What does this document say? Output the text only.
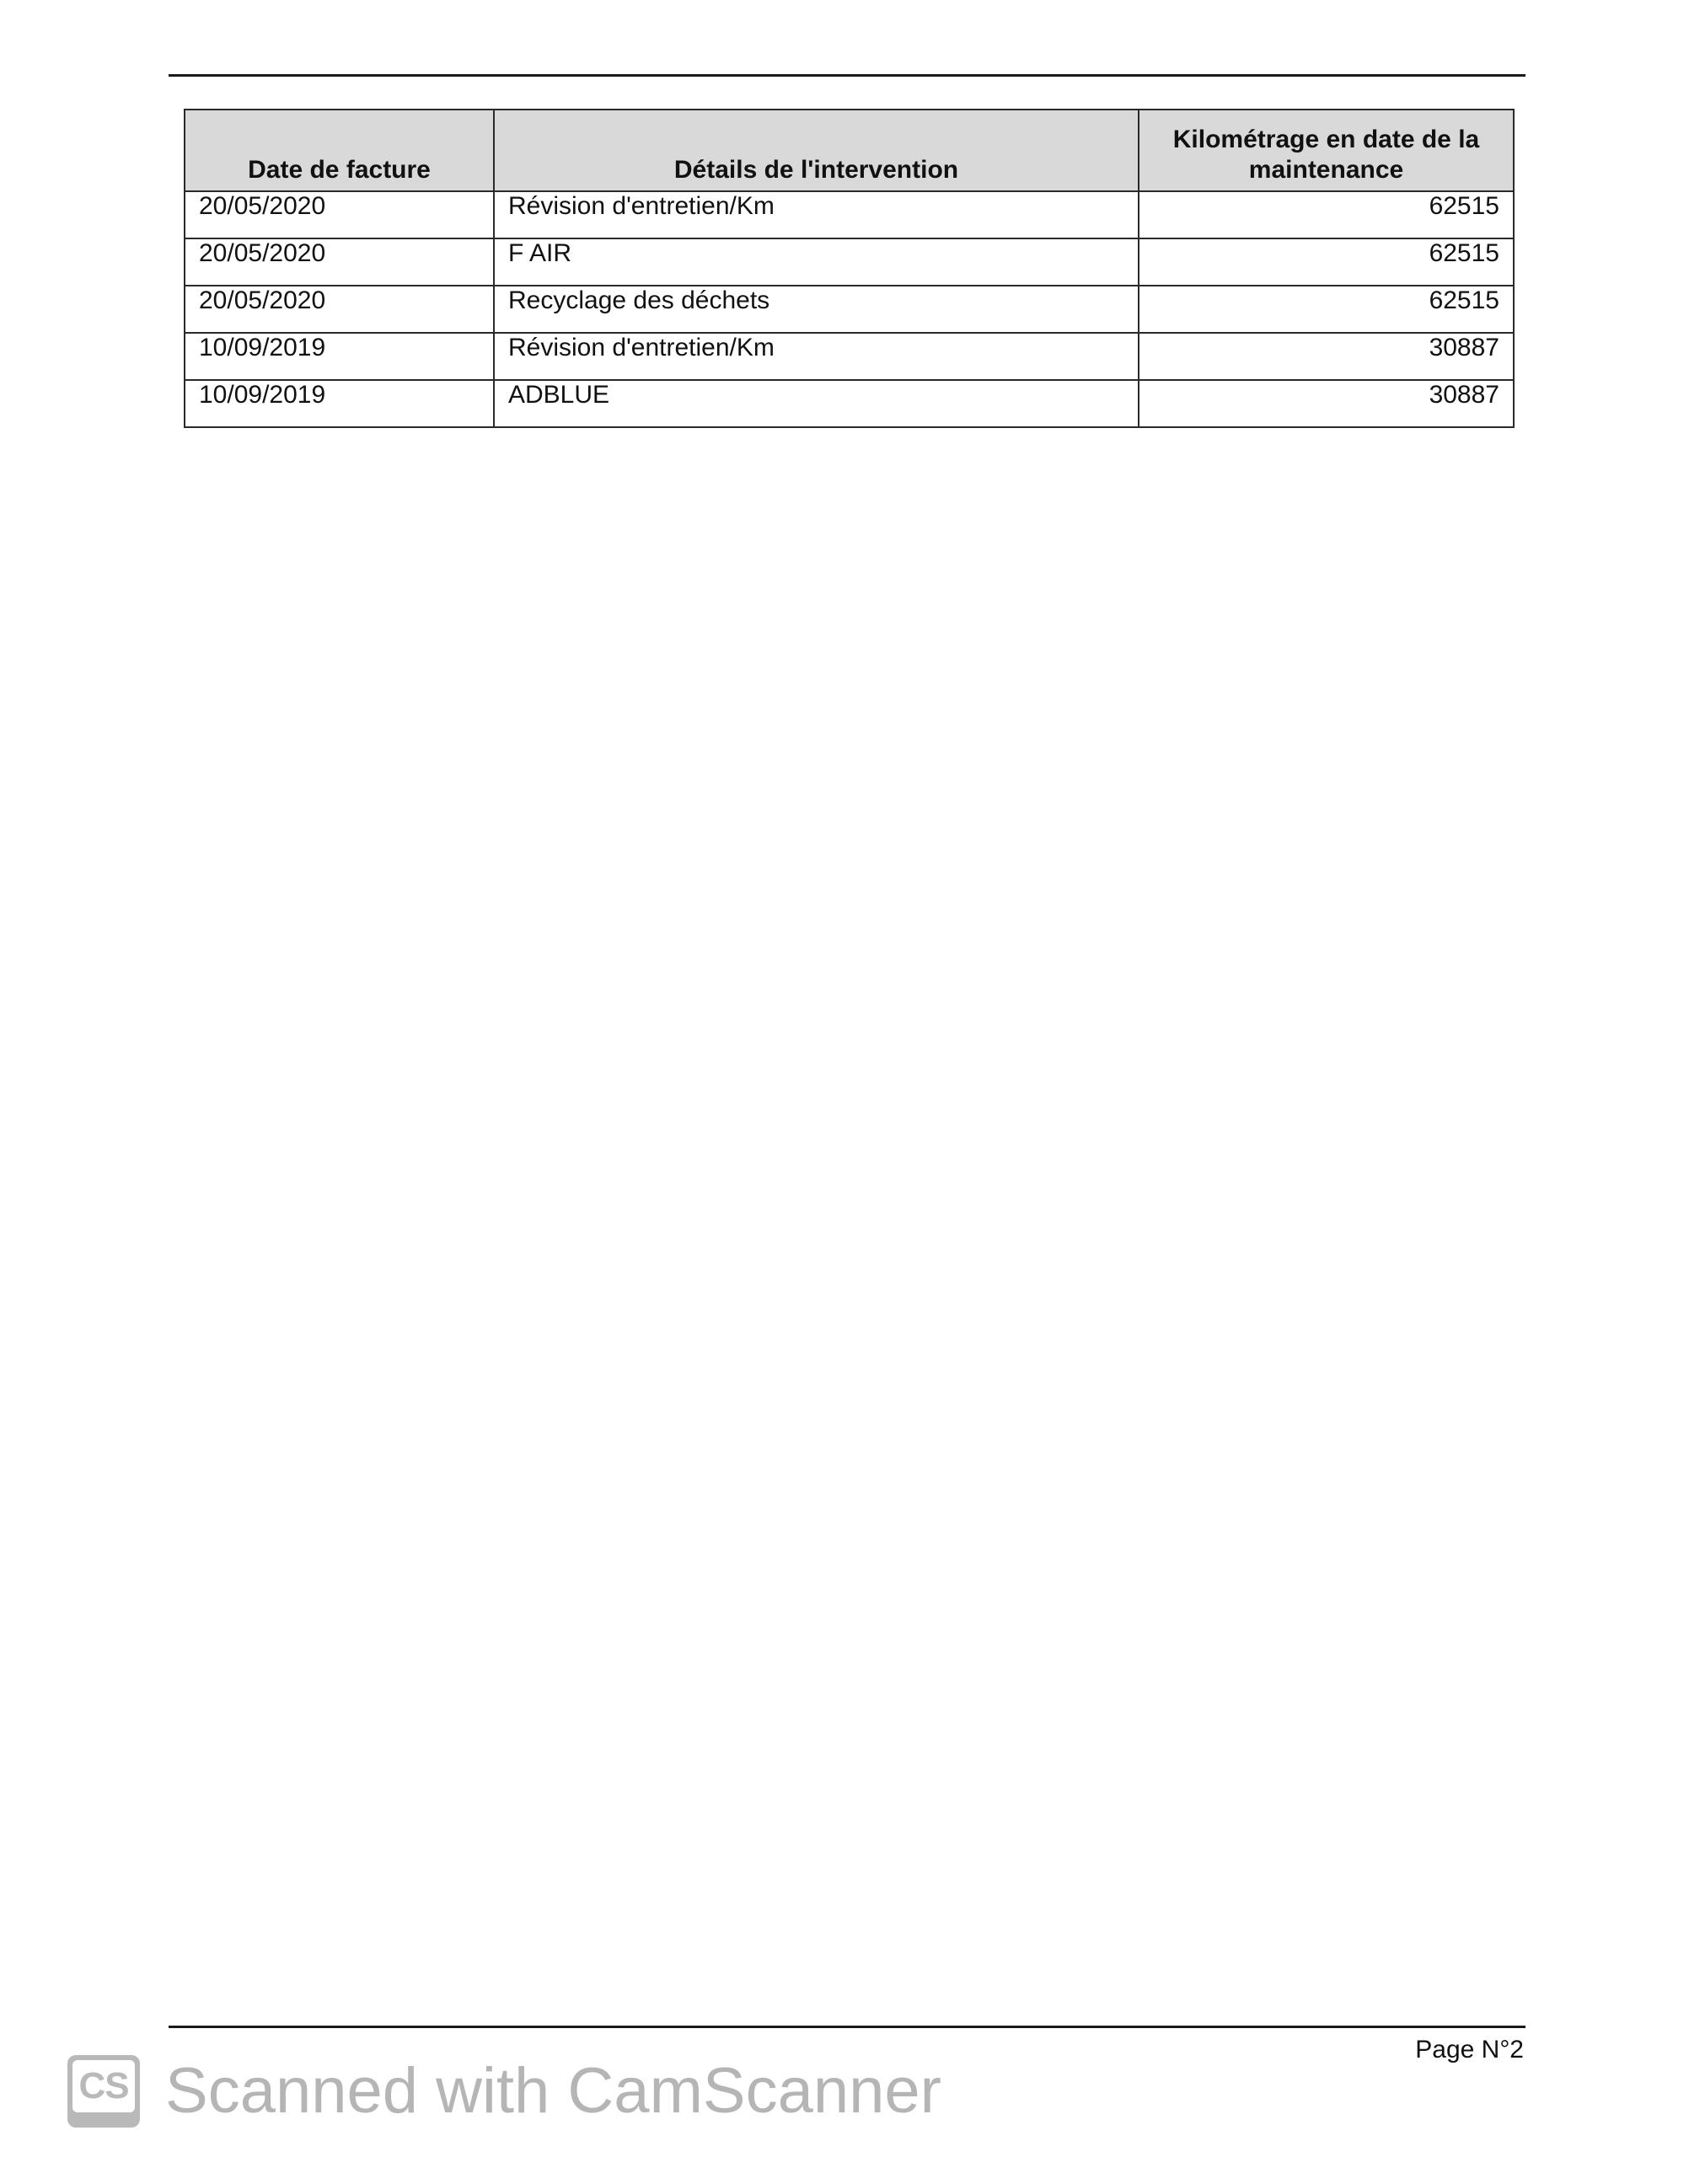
Date de facture	Détails de l'intervention	Kilométrage en date de la
maintenance
20/05/2020	Révision d'entretien/Km	62515
20/05/2020	F AIR	62515
20/05/2020	Recyclage des déchets	62515
10/09/2019	Révision d'entretien/Km	30887
10/09/2019	ADBLUE	30887
Page N°2
CS Scanned with CamScanner
